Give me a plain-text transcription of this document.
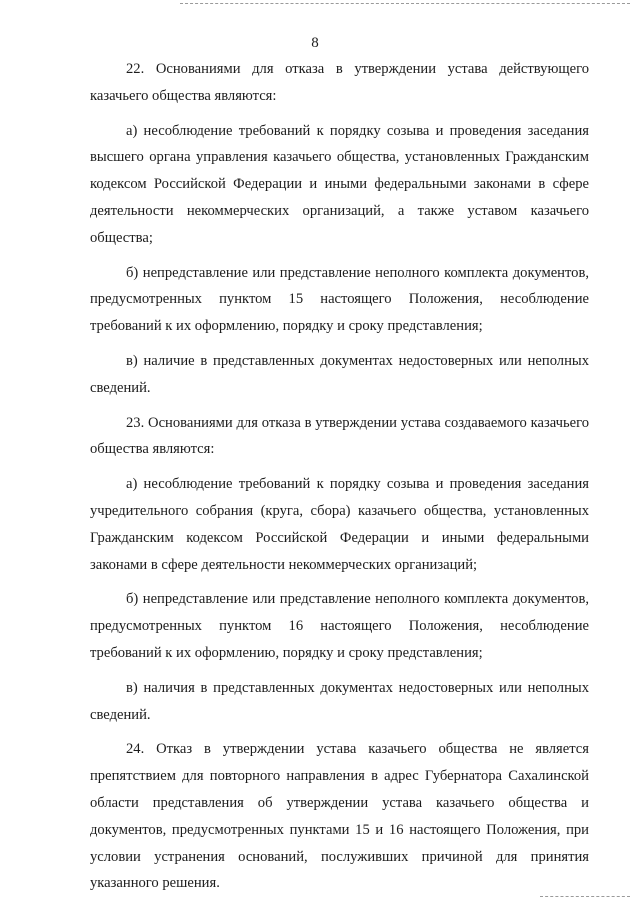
8

22. Основаниями для отказа в утверждении устава действующего казачьего общества являются:

а) несоблюдение требований к порядку созыва и проведения заседания высшего органа управления казачьего общества, установленных Гражданским кодексом Российской Федерации и иными федеральными законами в сфере деятельности некоммерческих организаций, а также уставом казачьего общества;

б) непредставление или представление неполного комплекта документов, предусмотренных пунктом 15 настоящего Положения, несоблюдение требований к их оформлению, порядку и сроку представления;

в) наличие в представленных документах недостоверных или неполных сведений.

23. Основаниями для отказа в утверждении устава создаваемого казачьего общества являются:

а) несоблюдение требований к порядку созыва и проведения заседания учредительного собрания (круга, сбора) казачьего общества, установленных Гражданским кодексом Российской Федерации и иными федеральными законами в сфере деятельности некоммерческих организаций;

б) непредставление или представление неполного комплекта документов, предусмотренных пунктом 16 настоящего Положения, несоблюдение требований к их оформлению, порядку и сроку представления;

в) наличия в представленных документах недостоверных или неполных сведений.

24. Отказ в утверждении устава казачьего общества не является препятствием для повторного направления в адрес Губернатора Сахалинской области представления об утверждении устава казачьего общества и документов, предусмотренных пунктами 15 и 16 настоящего Положения, при условии устранения оснований, послуживших причиной для принятия указанного решения.
